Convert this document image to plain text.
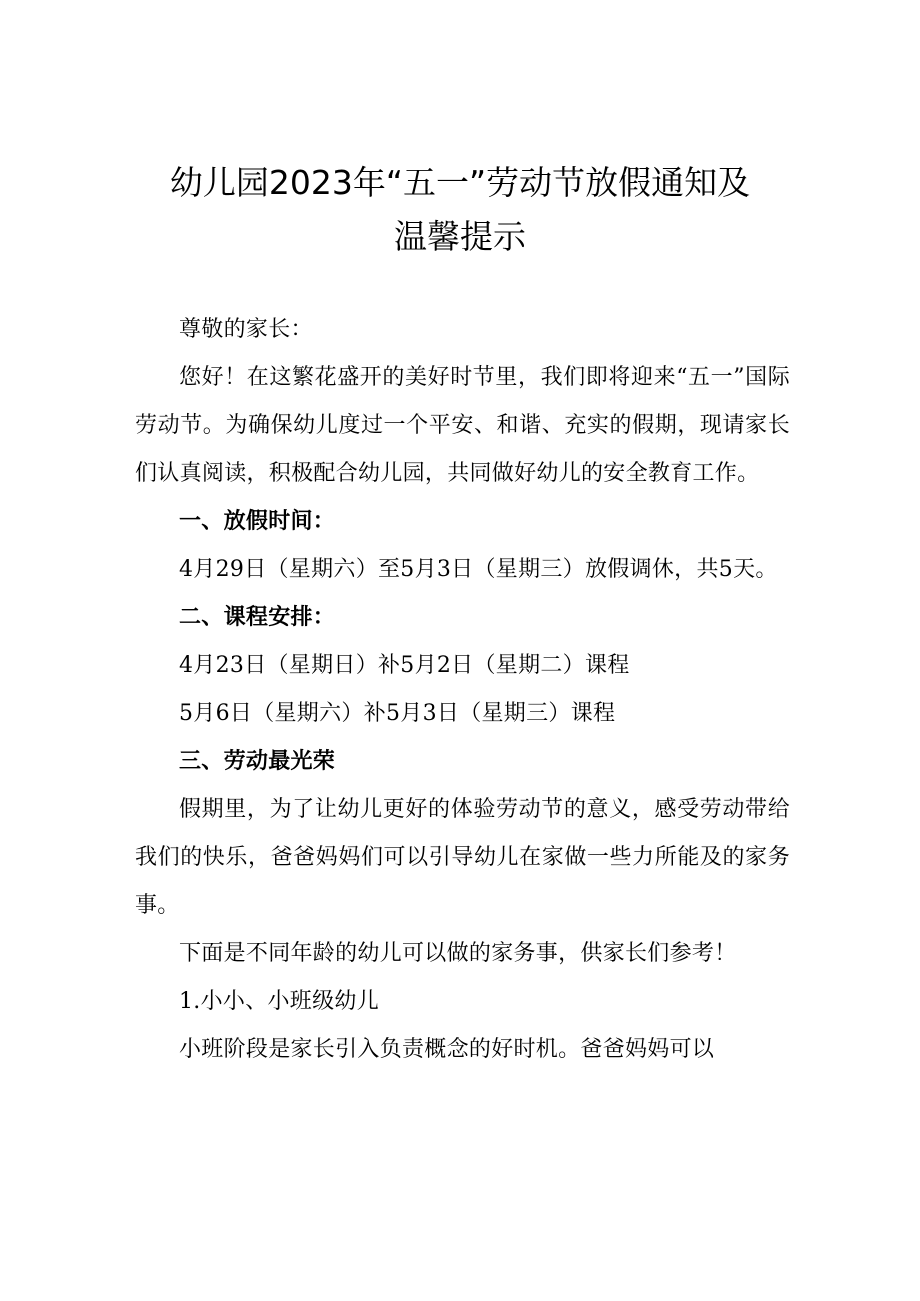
幼儿园2023年“五一”劳动节放假通知及
温馨提示

尊敬的家长：

您好！在这繁花盛开的美好时节里，我们即将迎来“五一”国际劳动节。为确保幼儿度过一个平安、和谐、充实的假期，现请家长们认真阅读，积极配合幼儿园，共同做好幼儿的安全教育工作。

一、放假时间：

4月29日（星期六）至5月3日（星期三）放假调休，共5天。

二、课程安排：

4月23日（星期日）补5月2日（星期二）课程

5月6日（星期六）补5月3日（星期三）课程

三、劳动最光荣

假期里，为了让幼儿更好的体验劳动节的意义，感受劳动带给我们的快乐，爸爸妈妈们可以引导幼儿在家做一些力所能及的家务事。

下面是不同年龄的幼儿可以做的家务事，供家长们参考！

1.小小、小班级幼儿

小班阶段是家长引入负责概念的好时机。爸爸妈妈可以
